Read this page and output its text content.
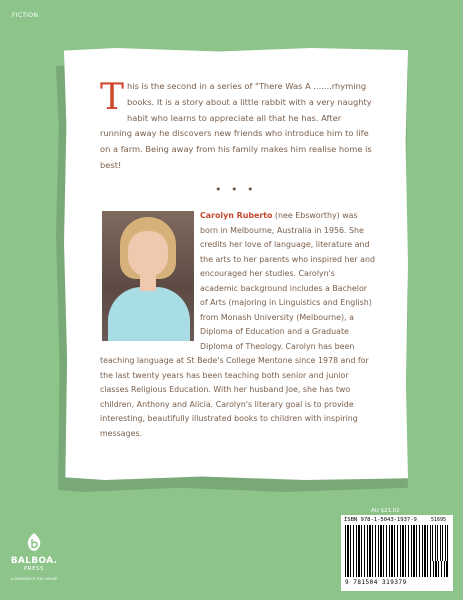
FICTION

This is the second in a series of "There Was A .......rhyming books. It is a story about a little rabbit with a very naughty habit who learns to appreciate all that he has. After running away he discovers new friends who introduce him to life on a farm. Being away from his family makes him realise home is best!

• • •

Carolyn Ruberto (nee Ebsworthy) was born in Melbourne, Australia in 1956. She credits her love of language, literature and the arts to her parents who inspired her and encouraged her studies. Carolyn's academic background includes a Bachelor of Arts (majoring in Linguistics and English) from Monash University (Melbourne), a Diploma of Education and a Graduate Diploma of Theology. Carolyn has been teaching language at St Bede's College Mentone since 1978 and for the last twenty years has been teaching both senior and junior classes Religious Education. With her husband Joe, she has two children, Anthony and Alicia. Carolyn's literary goal is to provide interesting, beautifully illustrated books to children with inspiring messages.

BALBOA.
PRESS
A DIVISION OF HAY HOUSE
AU $21.02
ISBN 978-1-5043-1937-9	51695
9 781504 319379
